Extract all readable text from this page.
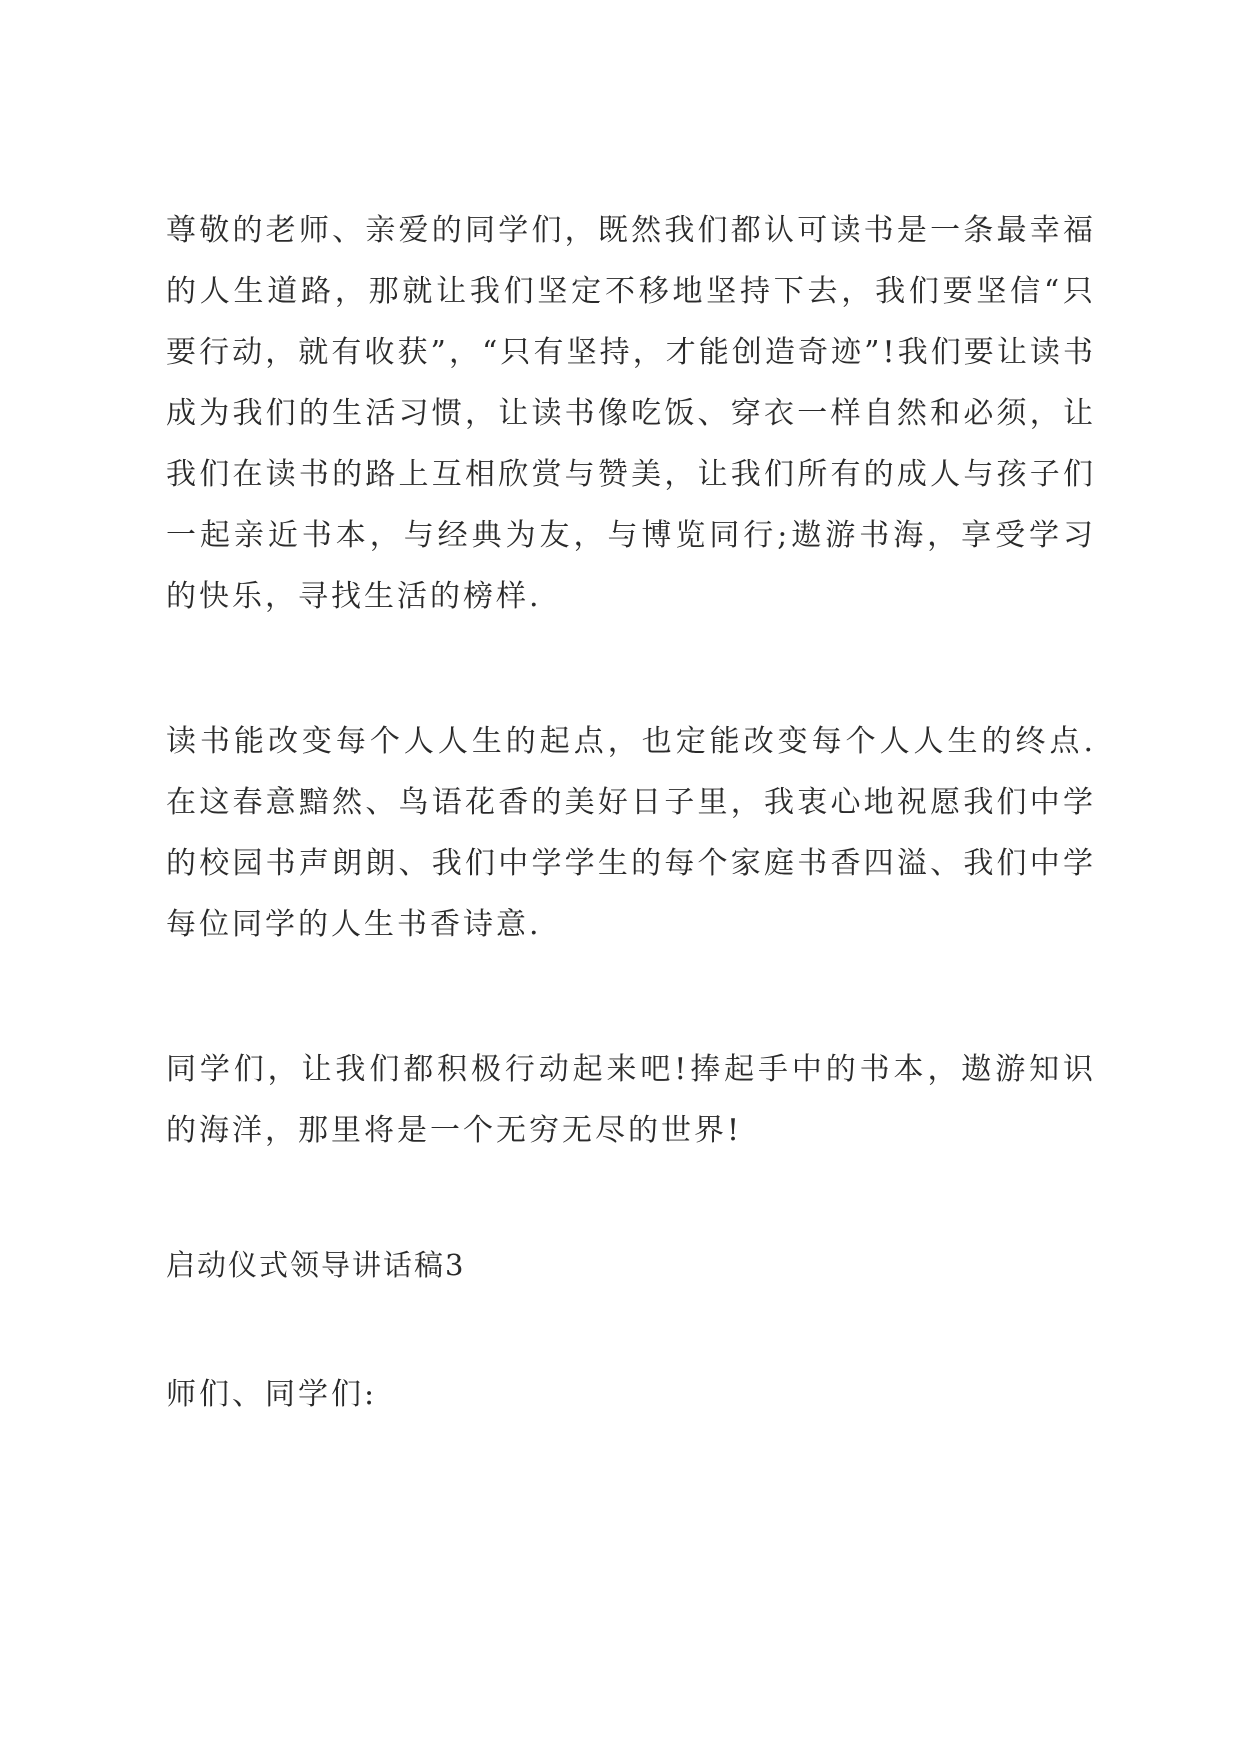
尊敬的老师、亲爱的同学们，既然我们都认可读书是一条最幸福的人生道路，那就让我们坚定不移地坚持下去，我们要坚信“只要行动，就有收获”，“只有坚持，才能创造奇迹”!我们要让读书成为我们的生活习惯，让读书像吃饭、穿衣一样自然和必须，让我们在读书的路上互相欣赏与赞美，让我们所有的成人与孩子们一起亲近书本，与经典为友，与博览同行;遨游书海，享受学习的快乐，寻找生活的榜样.

读书能改变每个人人生的起点，也定能改变每个人人生的终点.在这春意黯然、鸟语花香的美好日子里，我衷心地祝愿我们中学的校园书声朗朗、我们中学学生的每个家庭书香四溢、我们中学每位同学的人生书香诗意.

同学们，让我们都积极行动起来吧!捧起手中的书本，遨游知识的海洋，那里将是一个无穷无尽的世界!

启动仪式领导讲话稿3

师们、同学们:
